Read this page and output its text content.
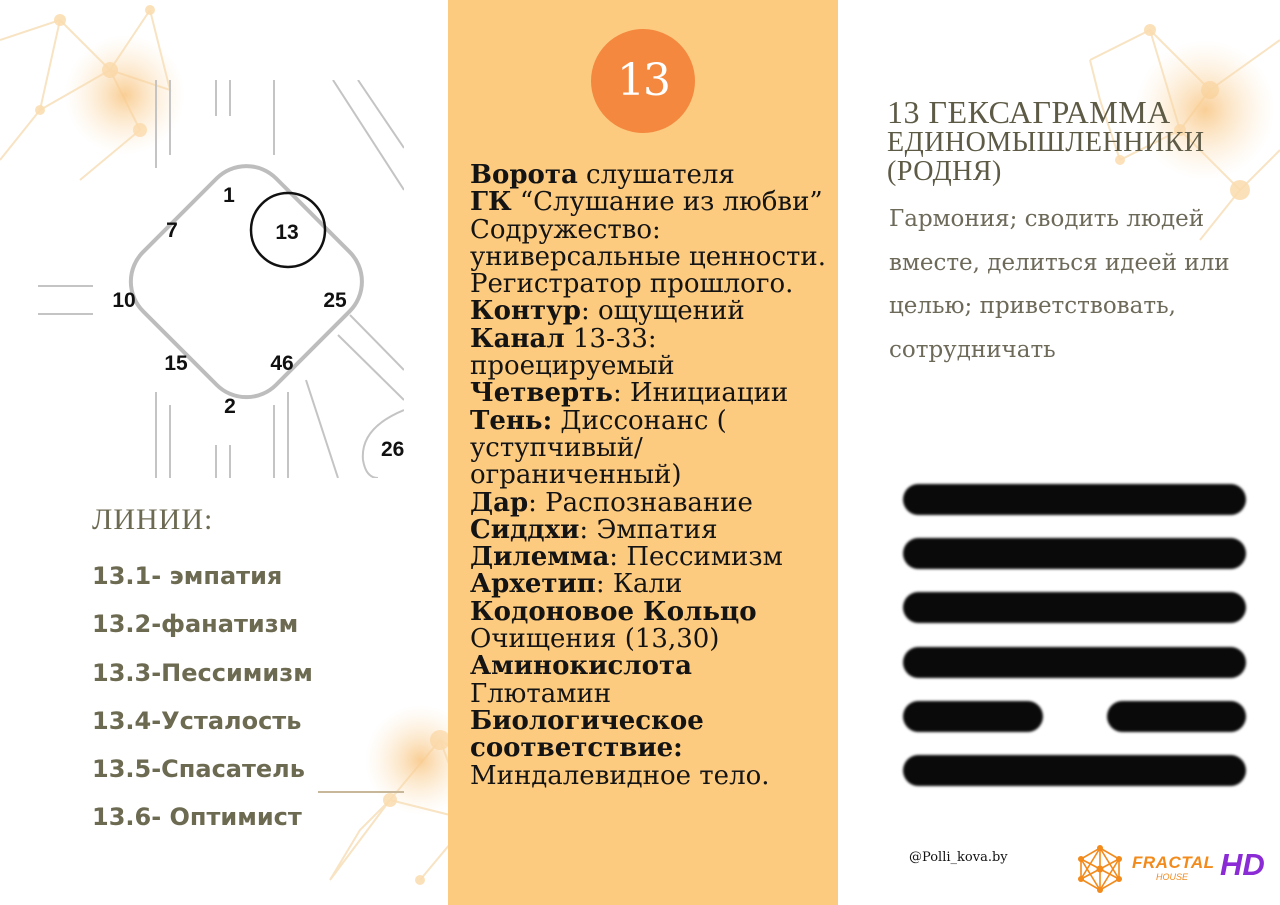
1
7	13
10	25
15	46
2
26
ЛИНИИ:
13.1- эмпатия
13.2-фанатизм
13.3-Пессимизм
13.4-Усталость
13.5-Спасатель
13.6- Оптимист
13
Ворота слушателя
ГК “Слушание из любви”
Содружество: универсальные ценности.
Регистратор прошлого.
Контур: ощущений
Канал 13-33: проецируемый
Четверть: Инициации
Тень: Диссонанс ( уступчивый/ ограниченный)
Дар: Распознавание
Сиддхи: Эмпатия
Дилемма: Пессимизм
Архетип: Кали
Кодоновое Кольцо Очищения (13,30)
Аминокислота Глютамин
Биологическое соответствие: Миндалевидное тело.
13 ГЕКСАГРАММА
ЕДИНОМЫШЛЕННИКИ
(РОДНЯ)

Гармония; сводить людей вместе, делиться идеей или целью; приветствовать, сотрудничать

@Polli_kova.by	FRACTAL
HOUSE HD
